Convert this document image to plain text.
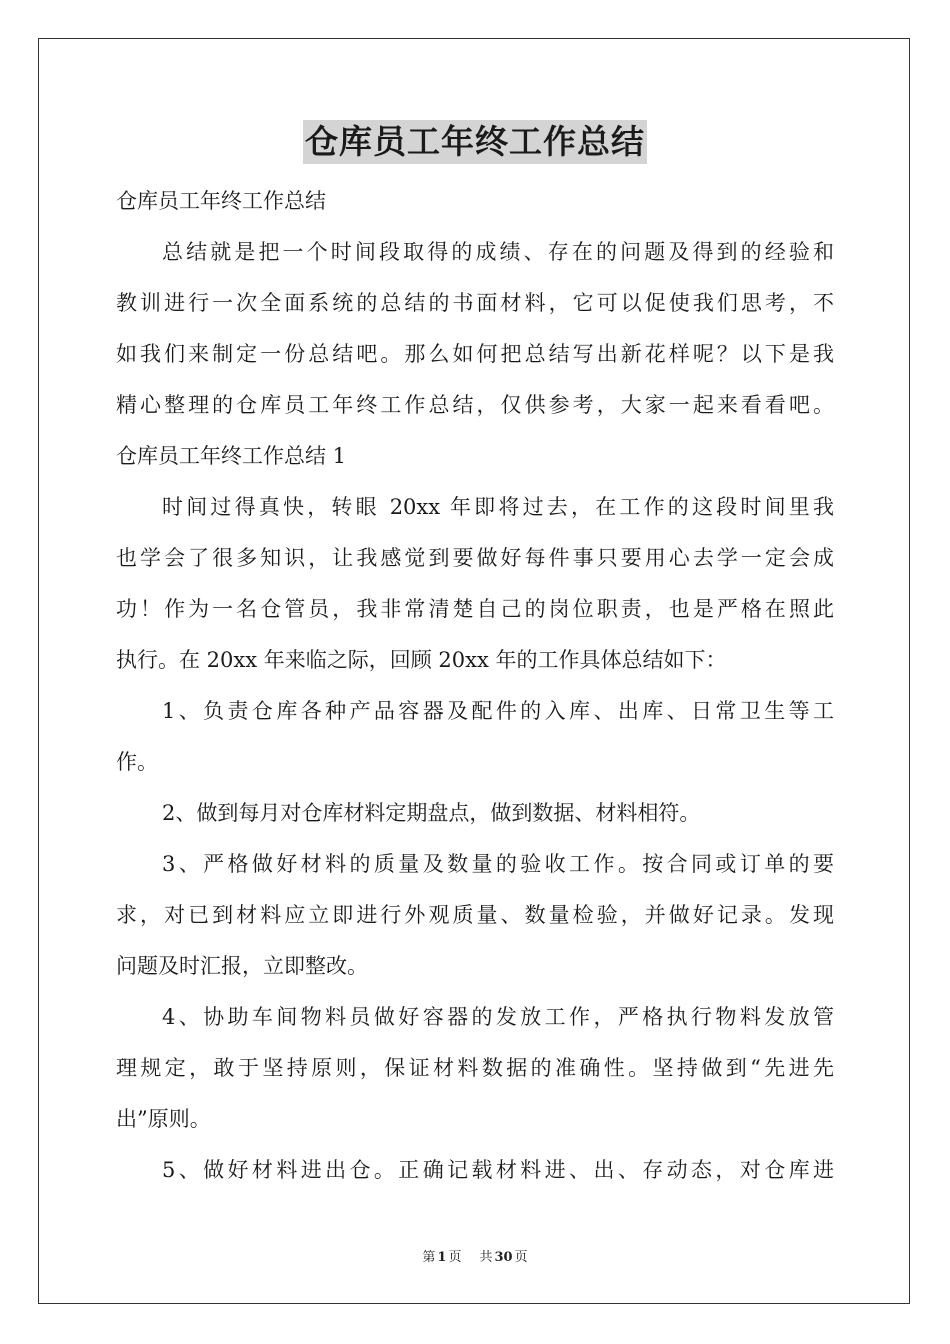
仓库员工年终工作总结
仓库员工年终工作总结
总结就是把一个时间段取得的成绩、存在的问题及得到的经验和
教训进行一次全面系统的总结的书面材料，它可以促使我们思考，不
如我们来制定一份总结吧。那么如何把总结写出新花样呢？以下是我
精心整理的仓库员工年终工作总结，仅供参考，大家一起来看看吧。
仓库员工年终工作总结 1
时间过得真快，转眼 20xx 年即将过去，在工作的这段时间里我
也学会了很多知识，让我感觉到要做好每件事只要用心去学一定会成
功！作为一名仓管员，我非常清楚自己的岗位职责，也是严格在照此
执行。在 20xx 年来临之际，回顾 20xx 年的工作具体总结如下：
1、负责仓库各种产品容器及配件的入库、出库、日常卫生等工
作。
2、做到每月对仓库材料定期盘点，做到数据、材料相符。
3、严格做好材料的质量及数量的验收工作。按合同或订单的要
求，对已到材料应立即进行外观质量、数量检验，并做好记录。发现
问题及时汇报，立即整改。
4、协助车间物料员做好容器的发放工作，严格执行物料发放管
理规定，敢于坚持原则，保证材料数据的准确性。坚持做到“先进先
出”原则。
5、做好材料进出仓。正确记载材料进、出、存动态，对仓库进
第 1 页 共 30 页
